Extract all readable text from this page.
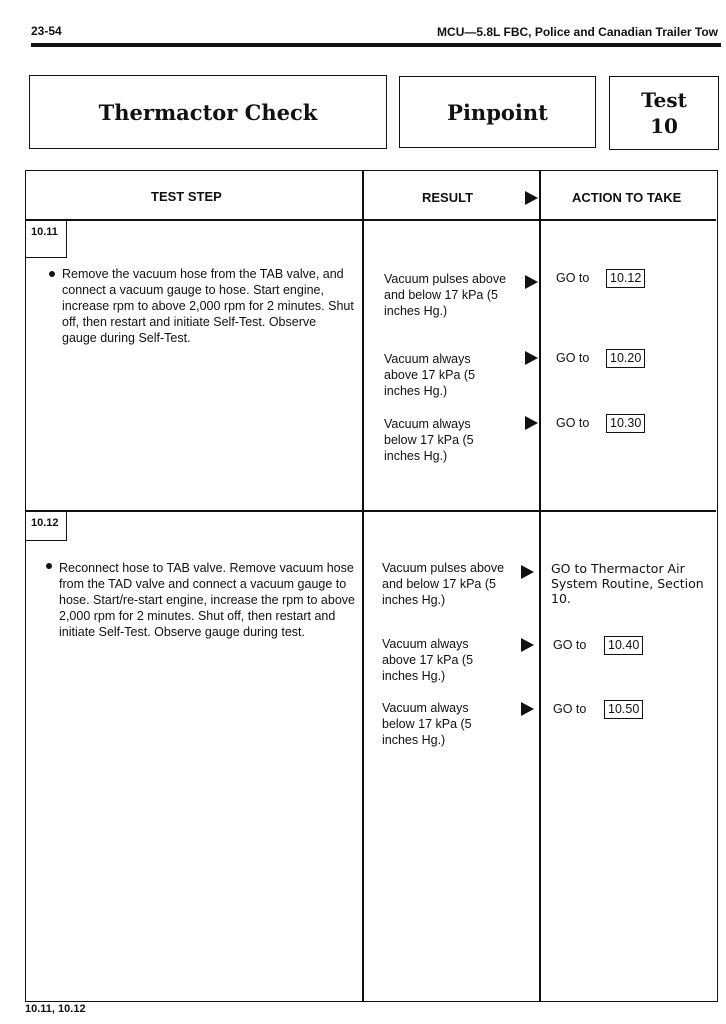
23-54	MCU—5.8L FBC, Police and Canadian Trailer Tow
Thermactor Check	Pinpoint	Test
10
TEST STEP	RESULT	ACTION TO TAKE
10.11
Remove the vacuum hose from the TAB valve, and connect a vacuum gauge to hose. Start engine, increase rpm to above 2,000 rpm for 2 minutes. Shut off, then restart and initiate Self-Test. Observe gauge during Self-Test.
Vacuum pulses above and below 17 kPa (5 inches Hg.)
GO to	10.12
Vacuum always above 17 kPa (5 inches Hg.)
GO to	10.20
Vacuum always below 17 kPa (5 inches Hg.)
GO to	10.30
10.12
Reconnect hose to TAB valve. Remove vacuum hose from the TAD valve and connect a vacuum gauge to hose. Start/re-start engine, increase the rpm to above 2,000 rpm for 2 minutes. Shut off, then restart and initiate Self-Test. Observe gauge during test.
Vacuum pulses above and below 17 kPa (5 inches Hg.)
GO to Thermactor Air System Routine, Section 10.
Vacuum always above 17 kPa (5 inches Hg.)
GO to	10.40
Vacuum always below 17 kPa (5 inches Hg.)
GO to	10.50
10.11, 10.12
